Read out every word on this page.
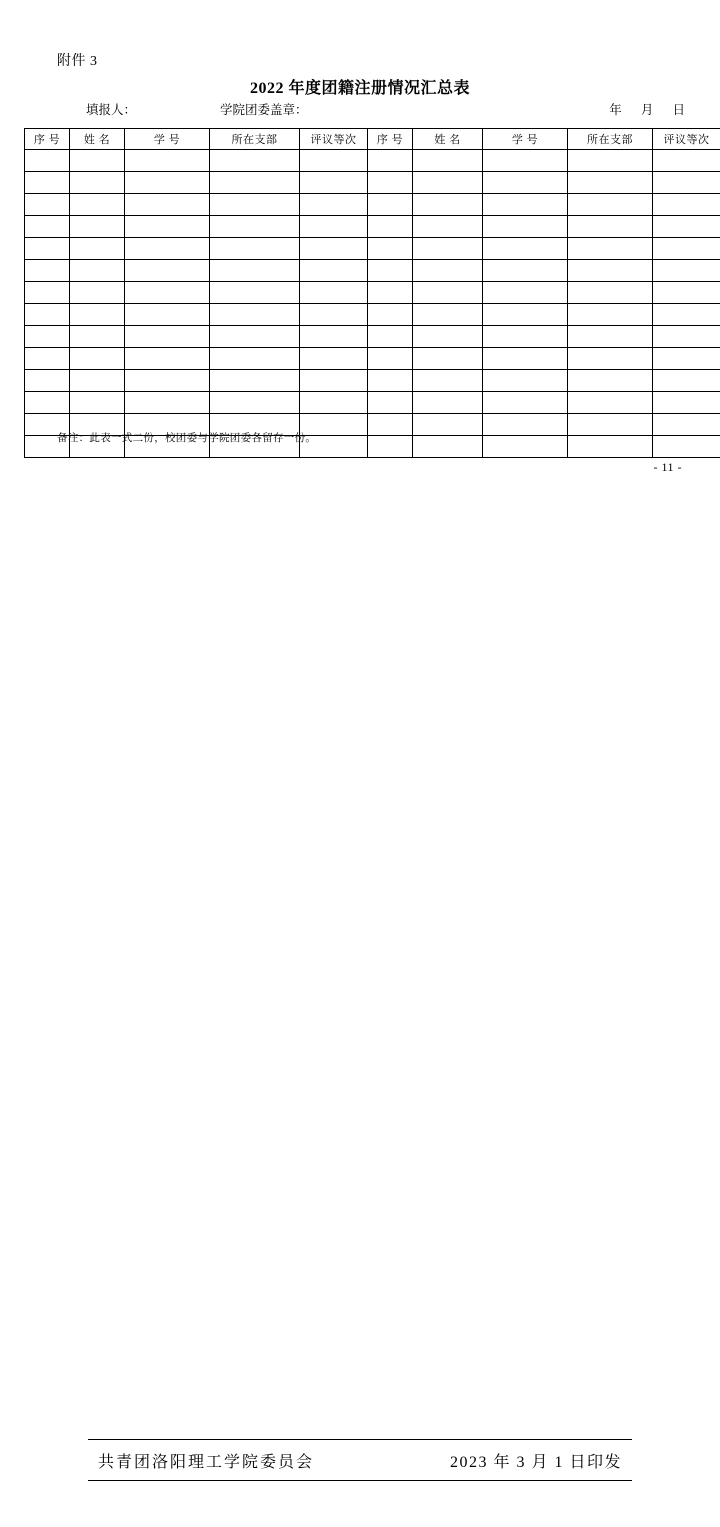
附件 3
2022 年度团籍注册情况汇总表
填报人：	学院团委盖章：	年 月 日
序 号	姓 名	学 号	所在支部	评议等次	序 号	姓 名	学 号	所在支部	评议等次

备注：此表一式二份，校团委与学院团委各留存一份。
- 11 -
共青团洛阳理工学院委员会	2023 年 3 月 1 日印发
